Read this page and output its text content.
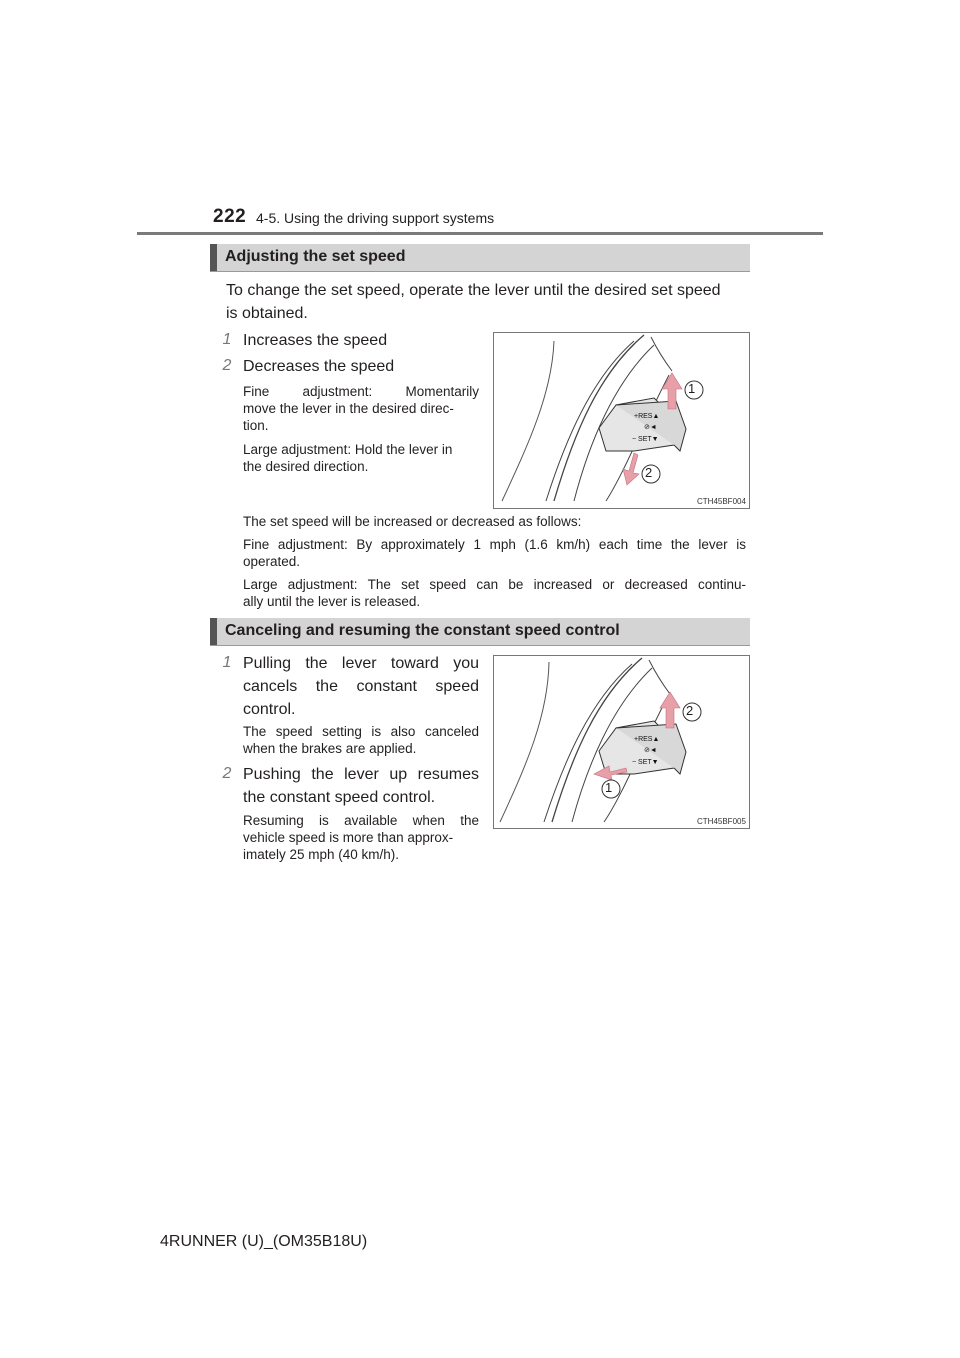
222 4-5. Using the driving support systems
Adjusting the set speed
To change the set speed, operate the lever until the desired set speed
is obtained.
1 Increases the speed
2 Decreases the speed
Fine adjustment: Momentarily
move the lever in the desired direc-
tion.
Large adjustment: Hold the lever in
the desired direction.
+RES▲
⊘◄
− SET▼
1
2
CTH45BF004
The set speed will be increased or decreased as follows:
Fine adjustment: By approximately 1 mph (1.6 km/h) each time the lever is
operated.
Large adjustment: The set speed can be increased or decreased continu-
ally until the lever is released.
Canceling and resuming the constant speed control
1 Pulling the lever toward you
cancels the constant speed
control.
The speed setting is also canceled
when the brakes are applied.
2 Pushing the lever up resumes
the constant speed control.
Resuming is available when the
vehicle speed is more than approx-
imately 25 mph (40 km/h).
+RES▲
⊘◄
− SET▼
2
1
CTH45BF005
4RUNNER (U)_(OM35B18U)
